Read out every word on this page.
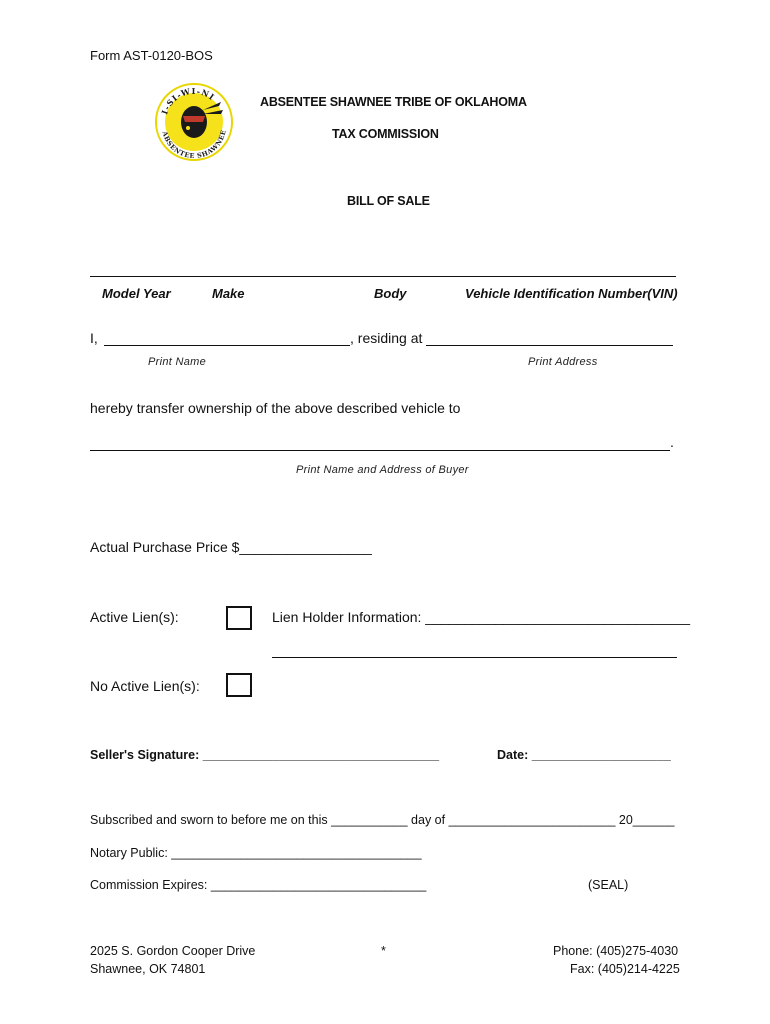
Form AST-0120-BOS
I-SI-WI-NI
ABSENTEE SHAWNEE
ABSENTEE SHAWNEE TRIBE OF OKLAHOMA
TAX COMMISSION
BILL OF SALE
Model Year	Make	Body	Vehicle Identification Number(VIN)
I,	, residing at
Print Name	Print Address
hereby transfer ownership of the above described vehicle to
.
Print Name and Address of Buyer
Actual Purchase Price $_________________
Active Lien(s):	Lien Holder Information: __________________________________
No Active Lien(s):
Seller's Signature: __________________________________	Date: ____________________
Subscribed and sworn to before me on this ___________ day of ________________________ 20______
Notary Public: ____________________________________
Commission Expires: _______________________________	(SEAL)
2025 S. Gordon Cooper Drive
Shawnee, OK 74801
*	Phone: (405)275-4030
Fax: (405)214-4225
